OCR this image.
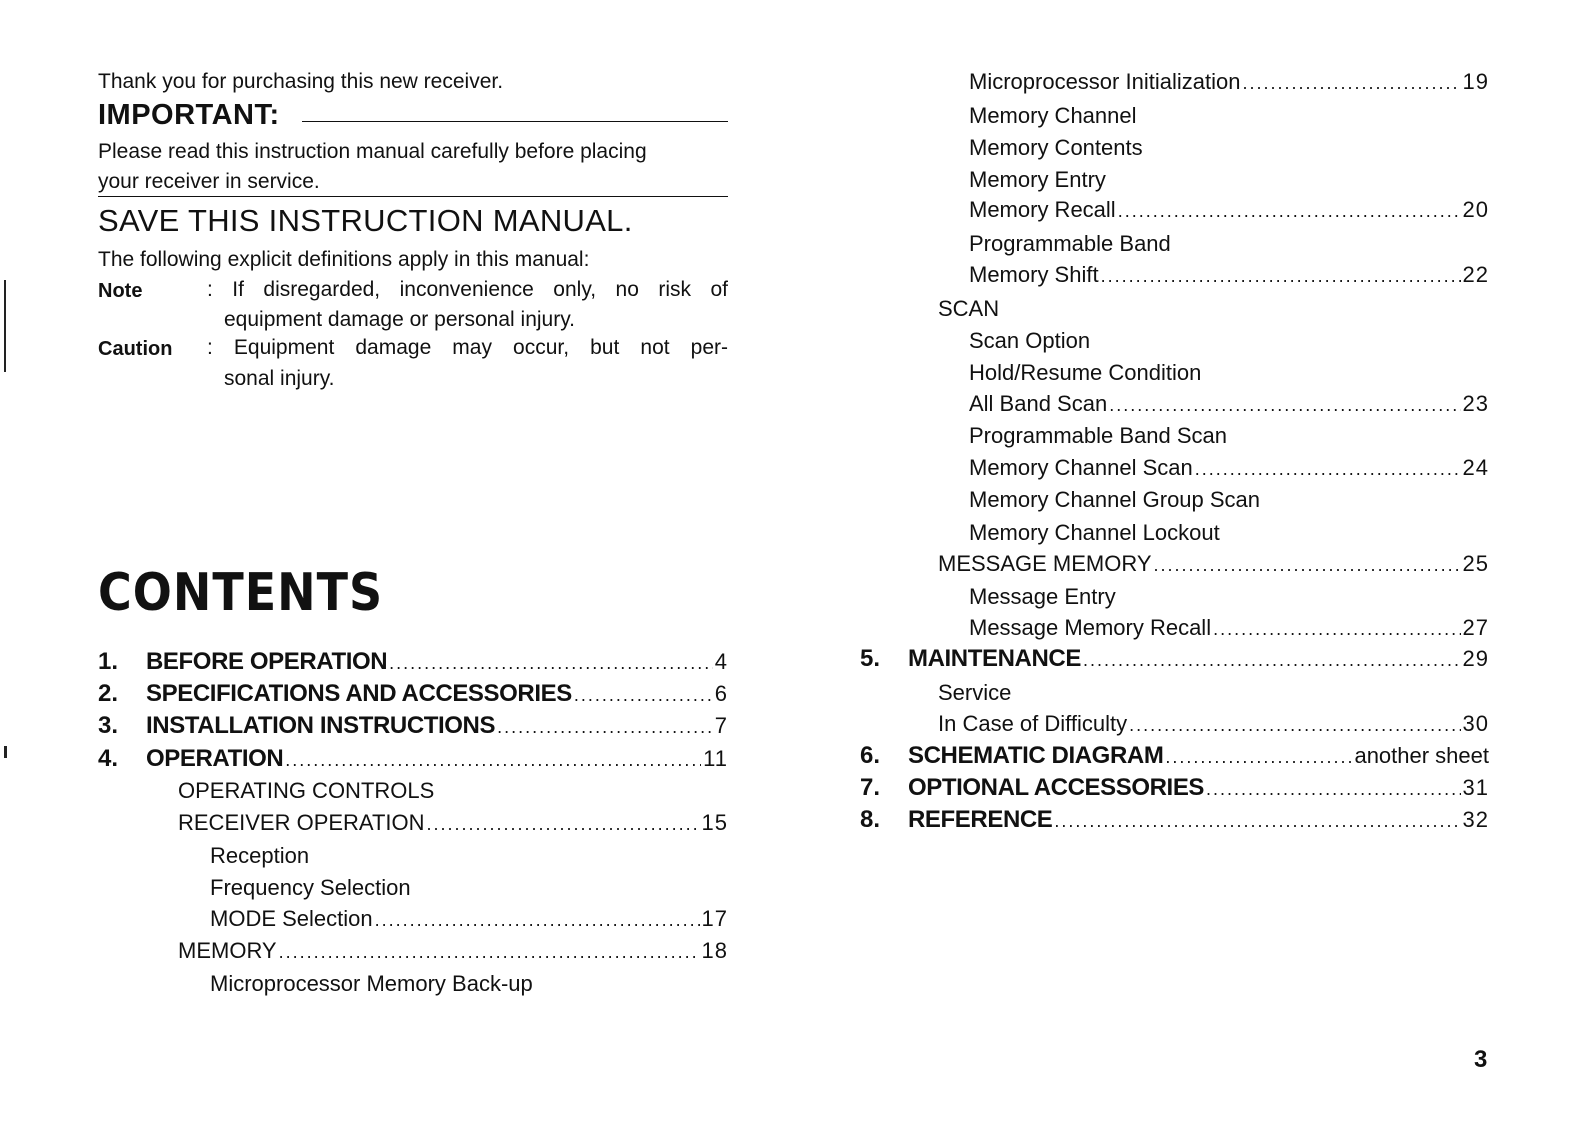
Thank you for purchasing this new receiver.
IMPORTANT:
Please read this instruction manual carefully before placing
your receiver in service.
SAVE THIS INSTRUCTION MANUAL.
The following explicit definitions apply in this manual:
Note	: If disregarded, inconvenience only, no risk of
equipment damage or personal injury.
Caution : Equipment damage may occur, but not per-
sonal injury.
CONTENTS
1.	BEFORE OPERATION .....	4
2.	SPECIFICATIONS AND ACCESSORIES .....	6
3.	INSTALLATION INSTRUCTIONS .....	7
4.	OPERATION .....	11
OPERATING CONTROLS
RECEIVER OPERATION .....	15
Reception
Frequency Selection
MODE Selection .....	17
MEMORY .....	18
Microprocessor Memory Back-up
Microprocessor Initialization .....	19
Memory Channel
Memory Contents
Memory Entry
Memory Recall .....	20
Programmable Band
Memory Shift .....	22
SCAN
Scan Option
Hold/Resume Condition
All Band Scan .....	23
Programmable Band Scan
Memory Channel Scan .....	24
Memory Channel Group Scan
Memory Channel Lockout
MESSAGE MEMORY .....	25
Message Entry
Message Memory Recall .....	27
5.	MAINTENANCE .....	29
Service
In Case of Difficulty .....	30
6.	SCHEMATIC DIAGRAM .....	another sheet
7.	OPTIONAL ACCESSORIES .....	31
8.	REFERENCE .....	32
3
